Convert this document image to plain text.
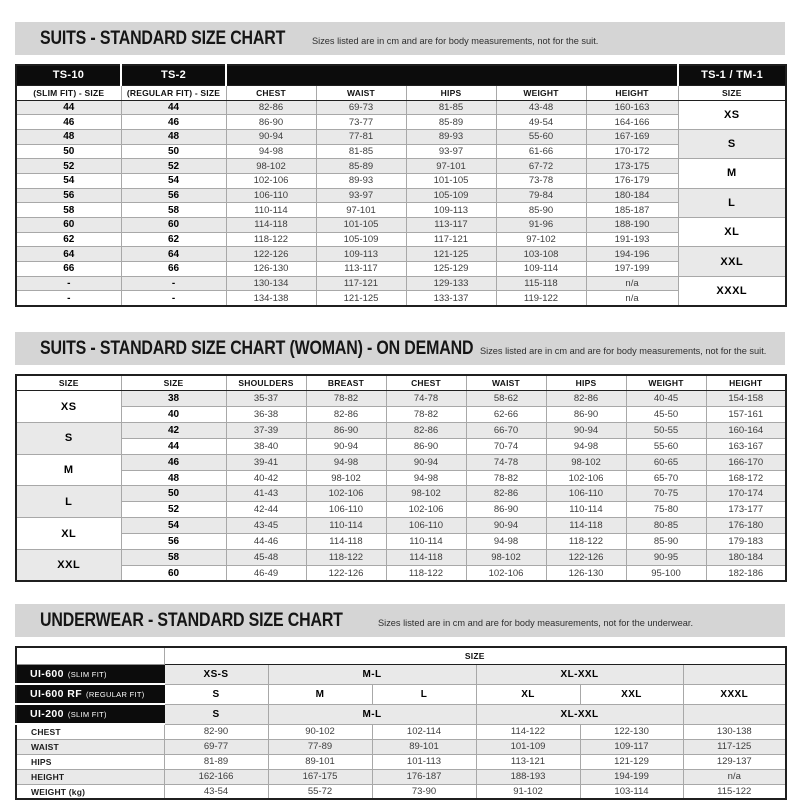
SUITS - STANDARD SIZE CHART	Sizes listed are in cm and are for body measurements, not for the suit.
TS-10	TS-2						TS-1 / TM-1
(SLIM FIT) - SIZE	(REGULAR FIT) - SIZE	CHEST	WAIST	HIPS	WEIGHT	HEIGHT	SIZE
44	44	82-86	69-73	81-85	43-48	160-163	XS
46	46	86-90	73-77	85-89	49-54	164-166	
48	48	90-94	77-81	89-93	55-60	167-169	S
50	50	94-98	81-85	93-97	61-66	170-172	
52	52	98-102	85-89	97-101	67-72	173-175	M
54	54	102-106	89-93	101-105	73-78	176-179	
56	56	106-110	93-97	105-109	79-84	180-184	L
58	58	110-114	97-101	109-113	85-90	185-187	
60	60	114-118	101-105	113-117	91-96	188-190	XL
62	62	118-122	105-109	117-121	97-102	191-193	
64	64	122-126	109-113	121-125	103-108	194-196	XXL
66	66	126-130	113-117	125-129	109-114	197-199	
-	-	130-134	117-121	129-133	115-118	n/a	XXXL
-	-	134-138	121-125	133-137	119-122	n/a	
SUITS - STANDARD SIZE CHART (WOMAN) - ON DEMAND Sizes listed are in cm and are for body measurements, not for the suit.
SIZE	SIZE	SHOULDERS	BREAST	CHEST	WAIST	HIPS	WEIGHT	HEIGHT
XS	38	35-37	78-82	74-78	58-62	82-86	40-45	154-158
	40	36-38	82-86	78-82	62-66	86-90	45-50	157-161
S	42	37-39	86-90	82-86	66-70	90-94	50-55	160-164
	44	38-40	90-94	86-90	70-74	94-98	55-60	163-167
M	46	39-41	94-98	90-94	74-78	98-102	60-65	166-170
	48	40-42	98-102	94-98	78-82	102-106	65-70	168-172
L	50	41-43	102-106	98-102	82-86	106-110	70-75	170-174
	52	42-44	106-110	102-106	86-90	110-114	75-80	173-177
XL	54	43-45	110-114	106-110	90-94	114-118	80-85	176-180
	56	44-46	114-118	110-114	94-98	118-122	85-90	179-183
XXL	58	45-48	118-122	114-118	98-102	122-126	90-95	180-184
	60	46-49	122-126	118-122	102-106	126-130	95-100	182-186
UNDERWEAR - STANDARD SIZE CHART	Sizes listed are in cm and are for body measurements, not for the underwear.
	SIZE					
UI-600 (SLIM FIT)	XS-S	M-L		XL-XXL		
UI-600 RF (REGULAR FIT)	S	M	L	XL	XXL	XXXL
UI-200 (SLIM FIT)	S	M-L		XL-XXL		
CHEST	82-90	90-102	102-114	114-122	122-130	130-138
WAIST	69-77	77-89	89-101	101-109	109-117	117-125
HIPS	81-89	89-101	101-113	113-121	121-129	129-137
HEIGHT	162-166	167-175	176-187	188-193	194-199	n/a
WEIGHT (kg)	43-54	55-72	73-90	91-102	103-114	115-122
